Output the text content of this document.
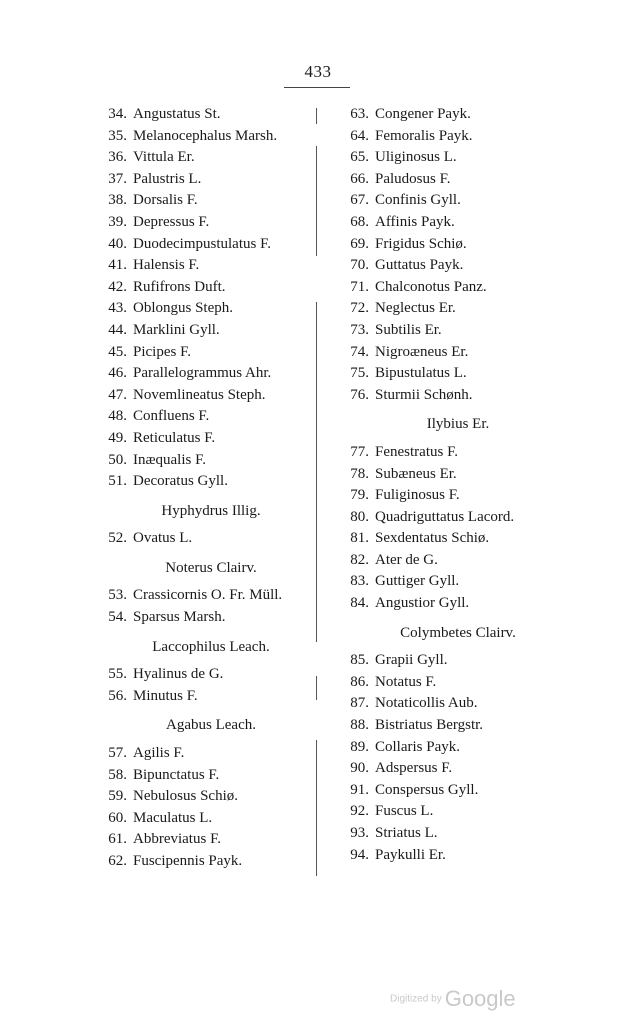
433
34. Angustatus St.
35. Melanocephalus Marsh.
36. Vittula Er.
37. Palustris L.
38. Dorsalis F.
39. Depressus F.
40. Duodecimpustulatus F.
41. Halensis F.
42. Rufifrons Duft.
43. Oblongus Steph.
44. Marklini Gyll.
45. Picipes F.
46. Parallelogrammus Ahr.
47. Novemlineatus Steph.
48. Confluens F.
49. Reticulatus F.
50. Inæqualis F.
51. Decoratus Gyll.
Hyphydrus Illig.
52. Ovatus L.
Noterus Clairv.
53. Crassicornis O. Fr. Müll.
54. Sparsus Marsh.
Laccophilus Leach.
55. Hyalinus de G.
56. Minutus F.
Agabus Leach.
57. Agilis F.
58. Bipunctatus F.
59. Nebulosus Schiø.
60. Maculatus L.
61. Abbreviatus F.
62. Fuscipennis Payk.
63. Congener Payk.
64. Femoralis Payk.
65. Uliginosus L.
66. Paludosus F.
67. Confinis Gyll.
68. Affinis Payk.
69. Frigidus Schiø.
70. Guttatus Payk.
71. Chalconotus Panz.
72. Neglectus Er.
73. Subtilis Er.
74. Nigroæneus Er.
75. Bipustulatus L.
76. Sturmii Schønh.
Ilybius Er.
77. Fenestratus F.
78. Subæneus Er.
79. Fuliginosus F.
80. Quadriguttatus Lacord.
81. Sexdentatus Schiø.
82. Ater de G.
83. Guttiger Gyll.
84. Angustior Gyll.
Colymbetes Clairv.
85. Grapii Gyll.
86. Notatus F.
87. Notaticollis Aub.
88. Bistriatus Bergstr.
89. Collaris Payk.
90. Adspersus F.
91. Conspersus Gyll.
92. Fuscus L.
93. Striatus L.
94. Paykulli Er.
Digitized by Google
